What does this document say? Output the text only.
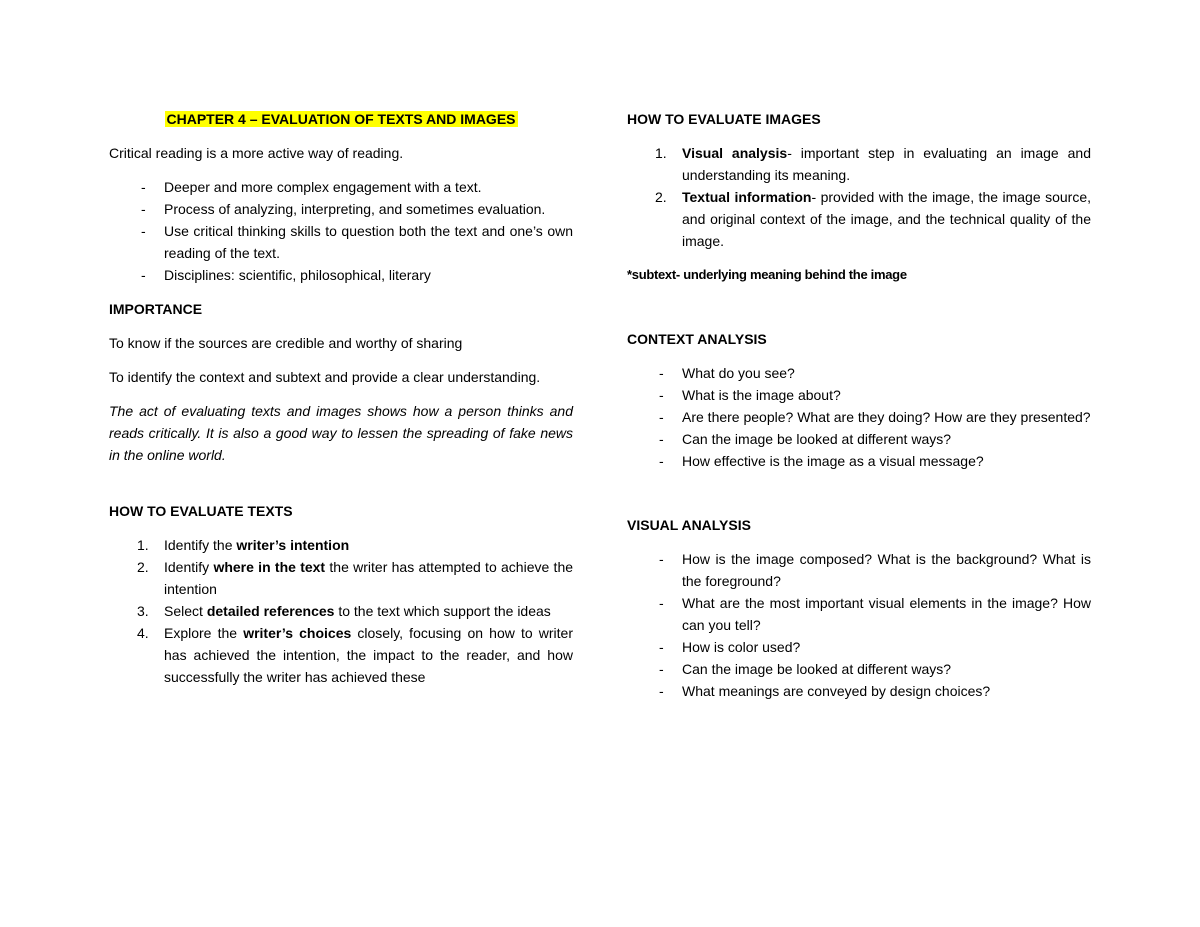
CHAPTER 4 – EVALUATION OF TEXTS AND IMAGES

Critical reading is a more active way of reading.

- Deeper and more complex engagement with a text.
- Process of analyzing, interpreting, and sometimes evaluation.
- Use critical thinking skills to question both the text and one’s own reading of the text.
- Disciplines: scientific, philosophical, literary
IMPORTANCE

To know if the sources are credible and worthy of sharing

To identify the context and subtext and provide a clear understanding.

The act of evaluating texts and images shows how a person thinks and reads critically. It is also a good way to lessen the spreading of fake news in the online world.

HOW TO EVALUATE TEXTS
1. Identify the writer’s intention
2. Identify where in the text the writer has attempted to achieve the intention
3. Select detailed references to the text which support the ideas
4. Explore the writer’s choices closely, focusing on how to writer has achieved the intention, the impact to the reader, and how successfully the writer has achieved these
HOW TO EVALUATE IMAGES
1. Visual analysis- important step in evaluating an image and understanding its meaning.
2. Textual information- provided with the image, the image source, and original context of the image, and the technical quality of the image.

*subtext- underlying meaning behind the image

CONTEXT ANALYSIS
- What do you see?
- What is the image about?
- Are there people? What are they doing? How are they presented?
- Can the image be looked at different ways?
- How effective is the image as a visual message?
VISUAL ANALYSIS
- How is the image composed? What is the background? What is the foreground?
- What are the most important visual elements in the image? How can you tell?
- How is color used?
- Can the image be looked at different ways?
- What meanings are conveyed by design choices?
